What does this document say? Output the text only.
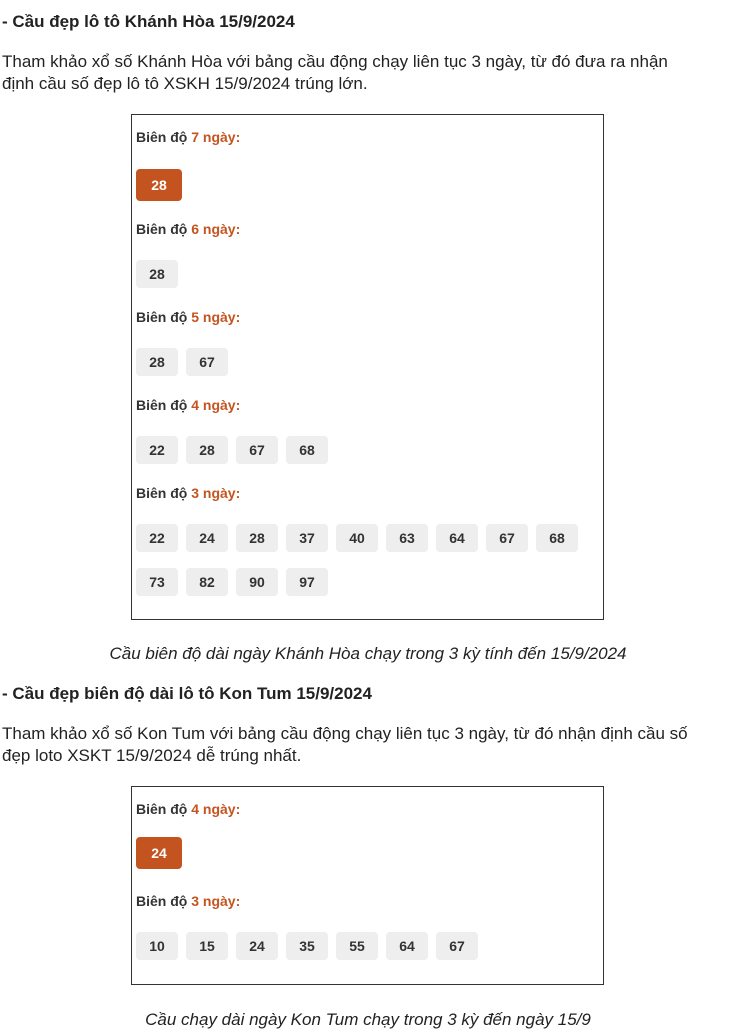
- Cầu đẹp lô tô Khánh Hòa 15/9/2024
Tham khảo xổ số Khánh Hòa với bảng cầu động chạy liên tục 3 ngày, từ đó đưa ra nhận
định cầu số đẹp lô tô XSKH 15/9/2024 trúng lớn.
Biên độ 7 ngày:
28
Biên độ 6 ngày:
28
Biên độ 5 ngày:
28	67
Biên độ 4 ngày:
22	28	67	68
Biên độ 3 ngày:
22	24	28	37	40	63	64	67	68
73	82	90	97

Cầu biên độ dài ngày Khánh Hòa chạy trong 3 kỳ tính đến 15/9/2024

- Cầu đẹp biên độ dài lô tô Kon Tum 15/9/2024
Tham khảo xổ số Kon Tum với bảng cầu động chạy liên tục 3 ngày, từ đó nhận định cầu số
đẹp loto XSKT 15/9/2024 dễ trúng nhất.
Biên độ 4 ngày:
24
Biên độ 3 ngày:
10	15	24	35	55	64	67

Cầu chạy dài ngày Kon Tum chạy trong 3 kỳ đến ngày 15/9
